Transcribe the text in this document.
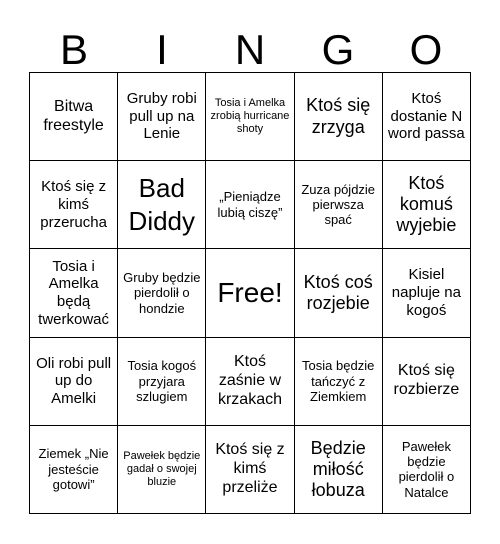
B	I	N	G	O
Bitwa freestyle
Gruby robi pull up na Lenie
Tosia i Amelka zrobią hurricane shoty
Ktoś się zrzyga
Ktoś dostanie N word passa
Ktoś się z kimś przerucha
Bad Diddy
„Pieniądze lubią ciszę”
Zuza pójdzie pierwsza spać
Ktoś komuś wyjebie
Tosia i Amelka będą twerkować
Gruby będzie pierdolił o hondzie	Free!	Ktoś coś rozjebie
Kisiel napluje na kogoś
Oli robi pull up do Amelki
Tosia kogoś przyjara szlugiem
Ktoś zaśnie w krzakach
Tosia będzie tańczyć z Ziemkiem
Ktoś się rozbierze
Ziemek „Nie jesteście gotowi”
Pawełek będzie gadał o swojej bluzie
Ktoś się z kimś przeliże
Będzie miłość łobuza
Pawełek będzie pierdolił o Natalce
